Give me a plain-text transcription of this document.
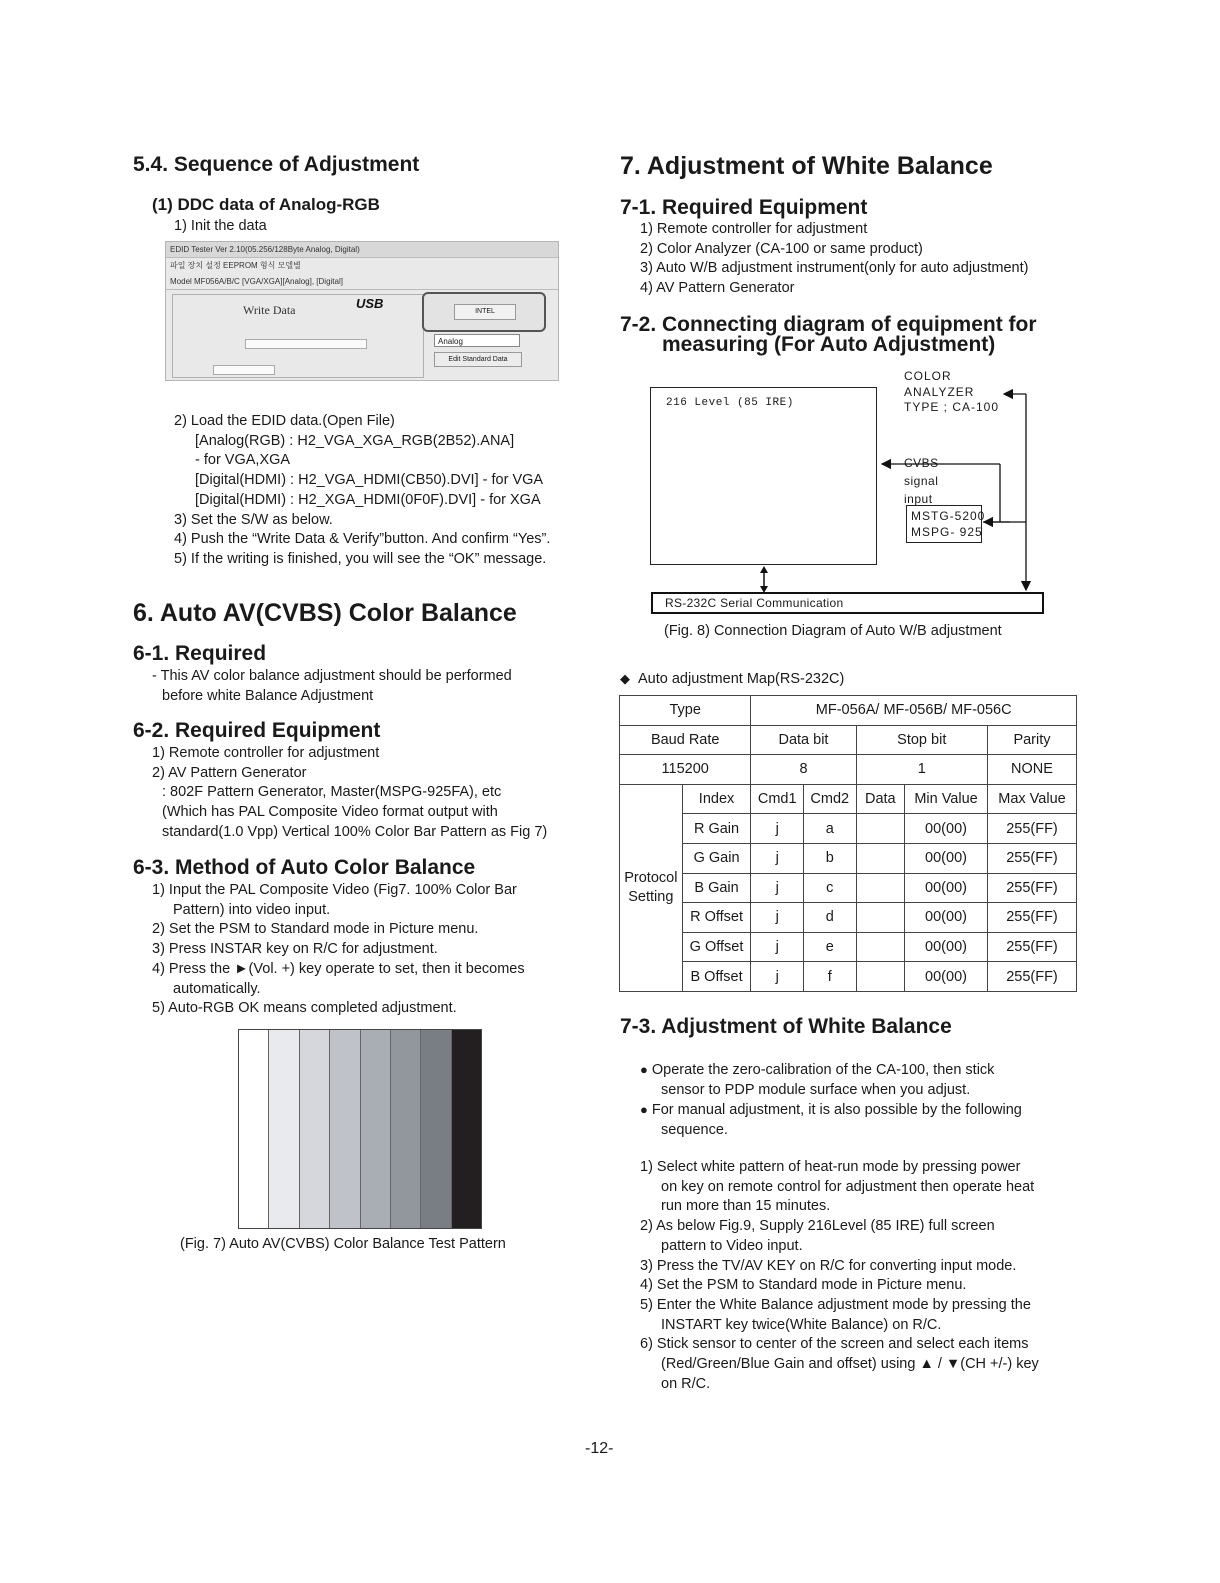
5.4. Sequence of Adjustment
(1) DDC data of Analog-RGB
1) Init the data
EDID Tester Ver 2.10(05.256/128Byte Analog, Digital)
파일 장치 설정 EEPROM 형식 모델별
Model MF056A/B/C [VGA/XGA][Analog], [Digital]
Write Data	USB
INTEL
Analog
Edit Standard Data
2) Load the EDID data.(Open File)
[Analog(RGB) : H2_VGA_XGA_RGB(2B52).ANA]
- for VGA,XGA
[Digital(HDMI) : H2_VGA_HDMI(CB50).DVI] - for VGA
[Digital(HDMI) : H2_XGA_HDMI(0F0F).DVI] - for XGA
3) Set the S/W as below.
4) Push the “Write Data & Verify”button. And confirm “Yes”.
5) If the writing is finished, you will see the “OK” message.
6. Auto AV(CVBS) Color Balance
6-1. Required
- This AV color balance adjustment should be performed
before white Balance Adjustment
6-2. Required Equipment
1) Remote controller for adjustment
2) AV Pattern Generator
: 802F Pattern Generator, Master(MSPG-925FA), etc
(Which has PAL Composite Video format output with
standard(1.0 Vpp) Vertical 100% Color Bar Pattern as Fig 7)
6-3. Method of Auto Color Balance
1) Input the PAL Composite Video (Fig7. 100% Color Bar
Pattern) into video input.
2) Set the PSM to Standard mode in Picture menu.
3) Press INSTAR key on R/C for adjustment.
4) Press the ►(Vol. +) key operate to set, then it becomes
automatically.
5) Auto-RGB OK means completed adjustment.
(Fig. 7) Auto AV(CVBS) Color Balance Test Pattern
7. Adjustment of White Balance
7-1. Required Equipment
1) Remote controller for adjustment
2) Color Analyzer (CA-100 or same product)
3) Auto W/B adjustment instrument(only for auto adjustment)
4) AV Pattern Generator
7-2. Connecting diagram of equipment for
measuring (For Auto Adjustment)
216 Level (85 IRE)
COLOR
ANALYZER
TYPE ; CA-100
CVBS
signal
input
MSTG-5200
MSPG- 925
RS-232C Serial Communication
(Fig. 8) Connection Diagram of Auto W/B adjustment
◆ Auto adjustment Map(RS-232C)
Type		MF-056A/ MF-056B/ MF-056C				
Baud Rate		Data bit		Stop bit		Parity
115200		8		1		NONE

Protocol
Setting	Index	Cmd1	Cmd2	Data	Min Value	Max Value
	R Gain	j	a		00(00)	255(FF)
	G Gain	j	b		00(00)	255(FF)
	B Gain	j	c		00(00)	255(FF)
	R Offset	j	d		00(00)	255(FF)
	G Offset	j	e		00(00)	255(FF)
	B Offset	j	f		00(00)	255(FF)
7-3. Adjustment of White Balance
● Operate the zero-calibration of the CA-100, then stick
sensor to PDP module surface when you adjust.
● For manual adjustment, it is also possible by the following
sequence.
1) Select white pattern of heat-run mode by pressing power
on key on remote control for adjustment then operate heat
run more than 15 minutes.
2) As below Fig.9, Supply 216Level (85 IRE) full screen
pattern to Video input.
3) Press the TV/AV KEY on R/C for converting input mode.
4) Set the PSM to Standard mode in Picture menu.
5) Enter the White Balance adjustment mode by pressing the
INSTART key twice(White Balance) on R/C.
6) Stick sensor to center of the screen and select each items
(Red/Green/Blue Gain and offset) using ▲ / ▼(CH +/-) key
on R/C.
-12-
